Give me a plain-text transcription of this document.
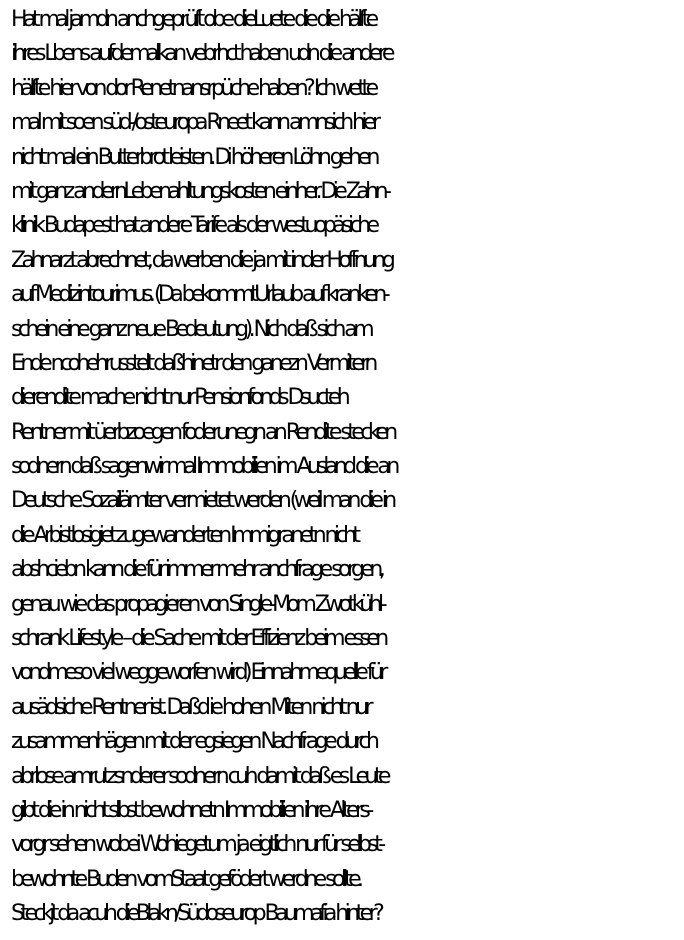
Hat mal jamdn anchgeprüft obe dieLuete die die hälfte
ihres Lbens aufdemalkan vebrhct haben udn die andere
hälfte hier von dor Renetnansrpüche haben? Ich wette
mal mit soen süd-/osteuropa Rneet kann amnsich hier
nicht mal ein Butterbrot leisten. Di höheren Löhn gehen
mit ganz andernLebenahltungskosten einher. Die Zahn-
klinik Budapest hat andere Tarife als der westuopäsiche
Zahnarzt abrechnet, da werben die ja mit inder Hoffnung
auf Medizintourimus. (Da bekommtUrlaub auf kranken-
schein eine ganz neue Bedeutung). Nich daß sich am
Ende ncohehrusstelt daßhinetr den ganezn Vermitern
dierendite mache nicht nur Pensionfonds Dsucteh
Rentner mit üerbzoegen foderunegn an Rendite stecken
sodnern daß sagenwir mal Immobilien im Ausland die an
Deutsche Sozailämter vermietet werden (weil man die in
die Arbistlosigiet zugewanderten Immigranetn nicht
abshciebn kann die für immer mehr anchfrage sorgen,
genau wie das propagieren von Single-Mom Zwotkühl-
schrank Lifestyle – die Sache mit der Effizienz beim essen
vondmeso viel weggeworfen wird) Einnahmequelle für
ausädsiche Rentner ist. Daßd ie hohen Miten nicht nur
zusammenhägen mit der egsiegen Nachfrage durch
abrlose amrutzsnderer sodnern cuh damit daß es Leute
gibt die in nicht slbst bewohnetn Immobilien ihre Alters-
vorgr sehen wobei Wohiegetum ja eigtlich nur für selbst-
bewohnte Buden vomStaat gefödert werdne sollte.
Steckjt da acuh dieBlakn/Südoseurop Baumafia hinter?
